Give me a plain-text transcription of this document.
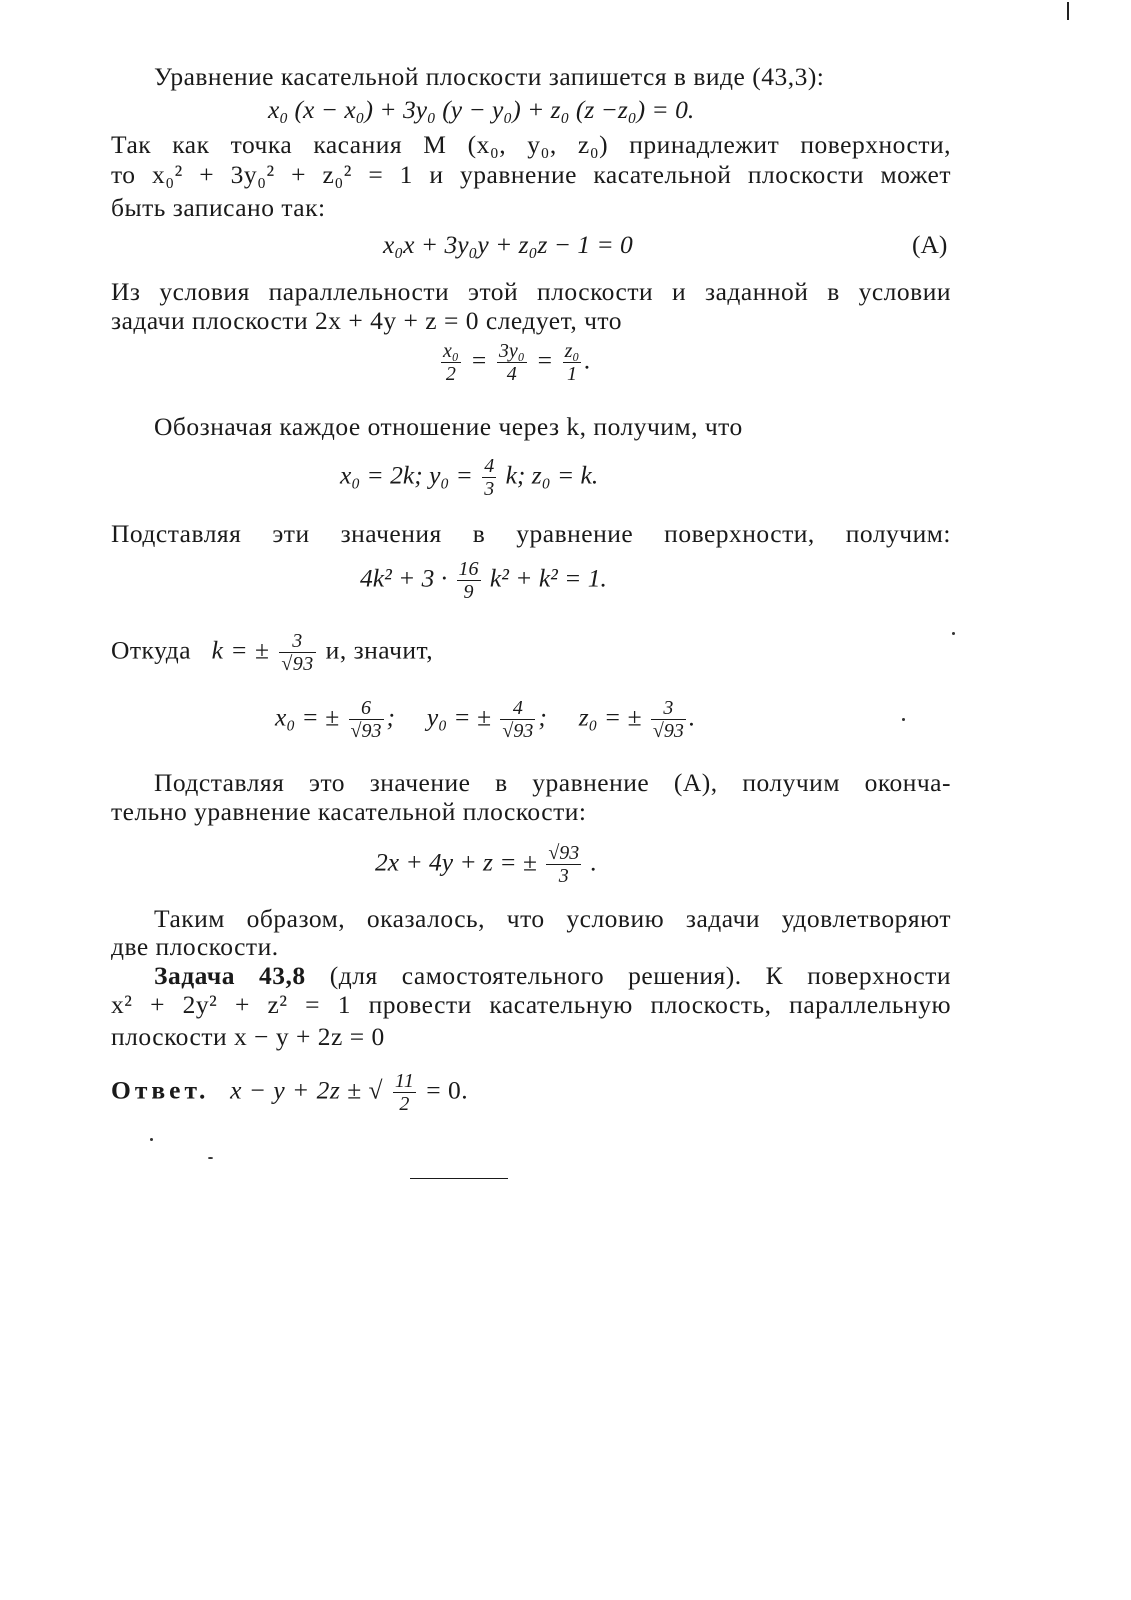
Уравнение касательной плоскости запишется в виде (43,3):
x₀ (x − x₀) + 3y₀ (y − y₀) + z₀ (z −z₀) = 0.
Так как точка касания M (x₀, y₀, z₀) принадлежит поверхности,
то x₀² + 3y₀² + z₀² = 1 и уравнение касательной плоскости может
быть записано так:
x₀x + 3y₀y + z₀z − 1 = 0	(A)
Из условия параллельности этой плоскости и заданной в условии
задачи плоскости 2x + 4y + z = 0 следует, что
$\frac{\text{x₀}}{2} = \frac{\text{3y₀}}{4} = \frac{\text{z₀}}{1}$ .
Обозначая каждое отношение через k, получим, что
x₀ = 2k; $y_0 = \frac{4}{3} k$; z₀ = k.
Подставляя эти значения в уравнение поверхности, получим:
$4k^2 + 3 \cdot \frac{16}{9} k^2 + k^2 = 1$.
Откуда k = ± $\frac{3}{√93} и$, значит,
x₀ = ± $\frac{6}{√93}$ ;     y₀ = ± $\frac{4}{√93}$ ;     z₀ = ± $\frac{3}{√93}$ .
Подставляя это значение в уравнение (A), получим оконча-
тельно уравнение касательной плоскости:
2x + 4y + z = ± $\frac{√93}{3}$ .
Таким образом, оказалось, что условию задачи удовлетворяют
две плоскости.
Задача 43,8 (для самостоятельного решения). К поверхности
x² + 2y² + z² = 1 провести касательную плоскость, параллельную
плоскости x − y + 2z = 0
Ответ. x − y + 2z ± √ $\frac{11}{2} = 0$.
